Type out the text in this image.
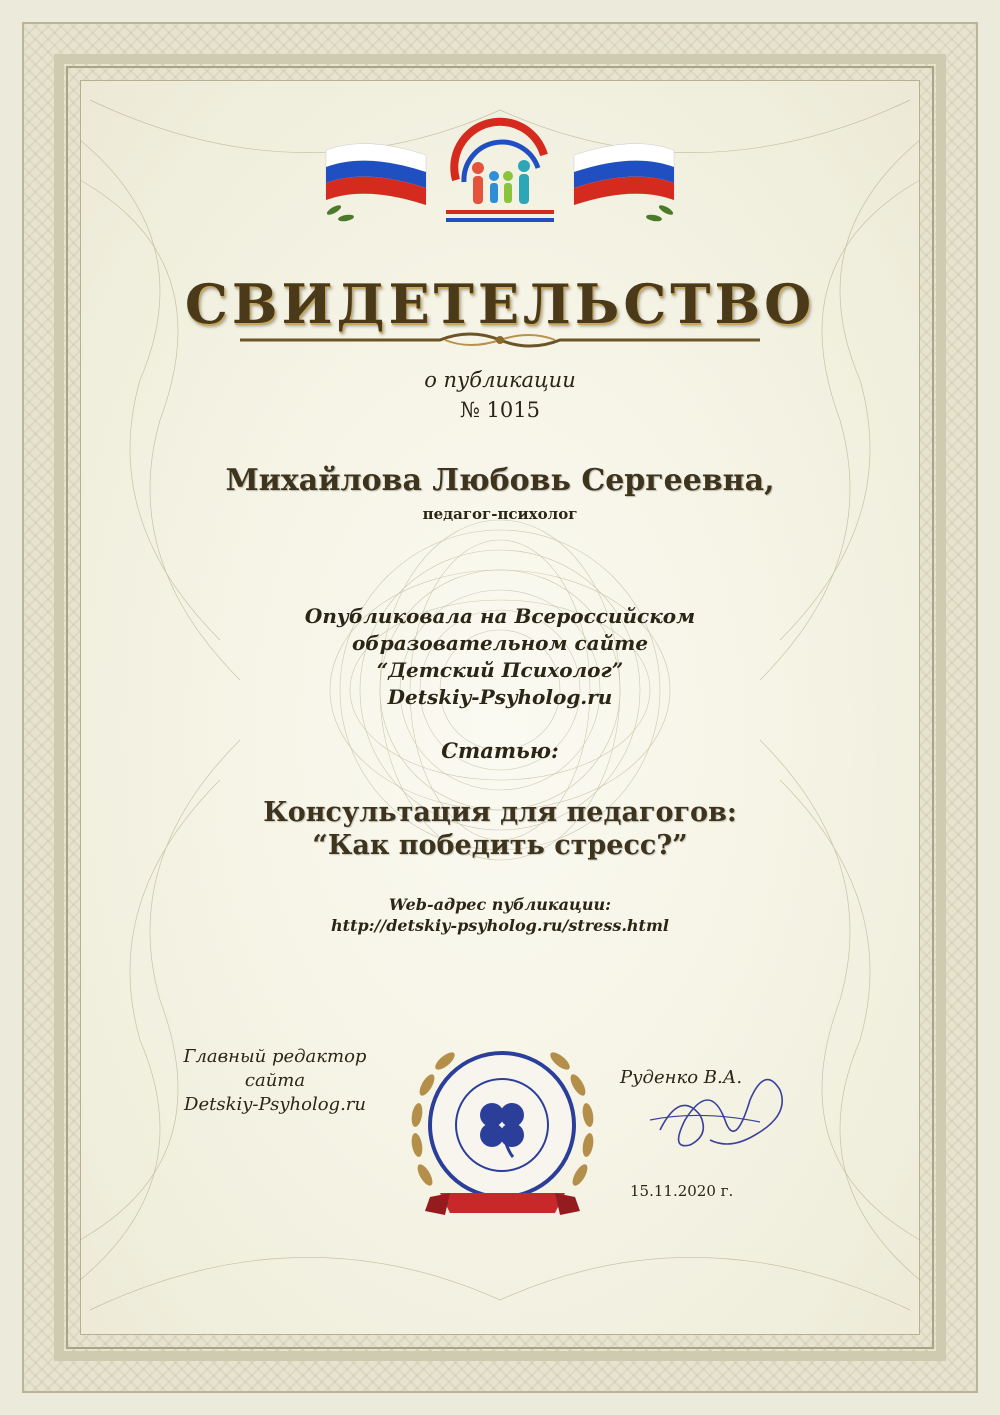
СВИДЕТЕЛЬСТВО
о публикации
№ 1015
Михайлова Любовь Сергеевна,
педагог-психолог
Опубликовала на Всероссийском
образовательном сайте
“Детский Психолог”
Detskiy-Psyholog.ru
Статью:
Консультация для педагогов:
“Как победить стресс?”
Web-адрес публикации:
http://detskiy-psyholog.ru/stress.html
Главный редактор
сайта
Detskiy-Psyholog.ru
Руденко В.А.
15.11.2020 г.
